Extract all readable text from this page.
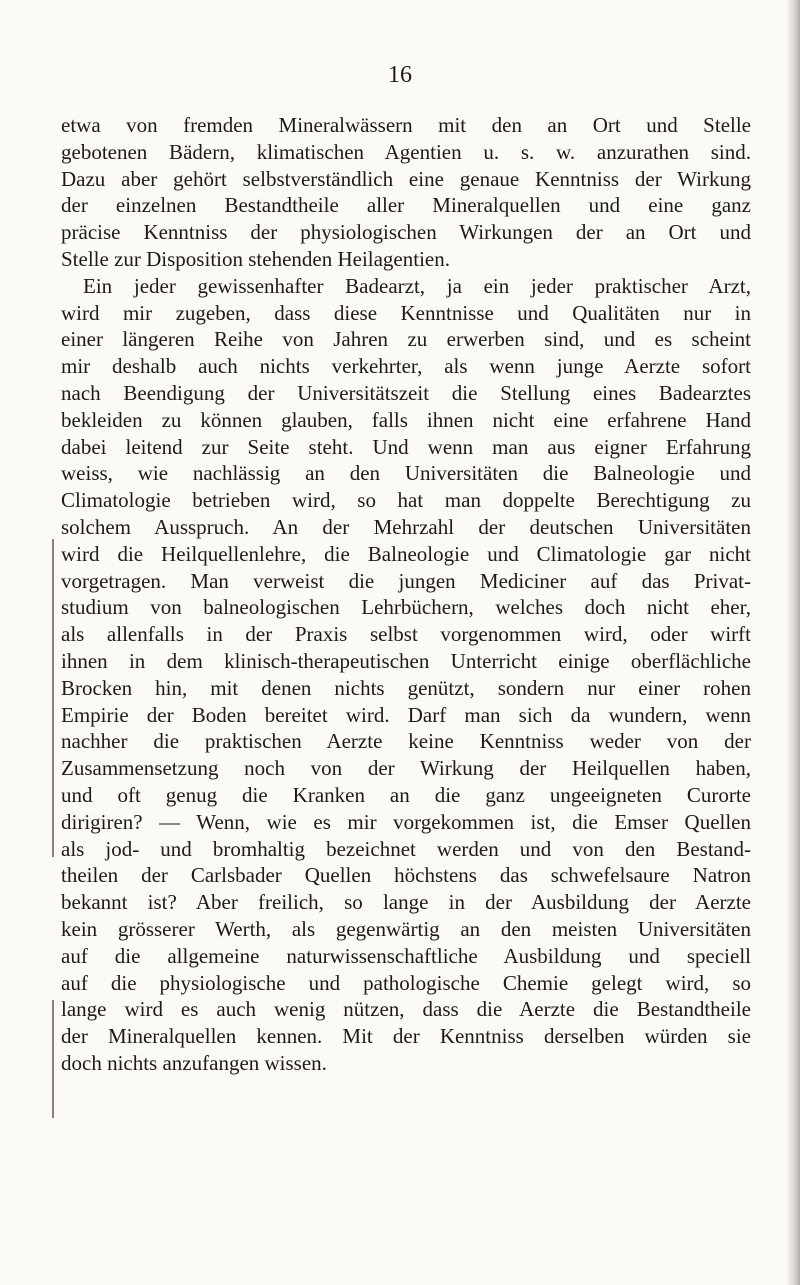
16
etwa von fremden Mineralwässern mit den an Ort und Stelle
gebotenen Bädern, klimatischen Agentien u. s. w. anzurathen sind.
Dazu aber gehört selbstverständlich eine genaue Kenntniss der Wirkung
der einzelnen Bestandtheile aller Mineralquellen und eine ganz
präcise Kenntniss der physiologischen Wirkungen der an Ort und
Stelle zur Disposition stehenden Heilagentien.
Ein jeder gewissenhafter Badearzt, ja ein jeder praktischer Arzt,
wird mir zugeben, dass diese Kenntnisse und Qualitäten nur in
einer längeren Reihe von Jahren zu erwerben sind, und es scheint
mir deshalb auch nichts verkehrter, als wenn junge Aerzte sofort
nach Beendigung der Universitätszeit die Stellung eines Badearztes
bekleiden zu können glauben, falls ihnen nicht eine erfahrene Hand
dabei leitend zur Seite steht. Und wenn man aus eigner Erfahrung
weiss, wie nachlässig an den Universitäten die Balneologie und
Climatologie betrieben wird, so hat man doppelte Berechtigung zu
solchem Ausspruch. An der Mehrzahl der deutschen Universitäten
wird die Heilquellenlehre, die Balneologie und Climatologie gar nicht
vorgetragen. Man verweist die jungen Mediciner auf das Privat-
studium von balneologischen Lehrbüchern, welches doch nicht eher,
als allenfalls in der Praxis selbst vorgenommen wird, oder wirft
ihnen in dem klinisch-therapeutischen Unterricht einige oberflächliche
Brocken hin, mit denen nichts genützt, sondern nur einer rohen
Empirie der Boden bereitet wird. Darf man sich da wundern, wenn
nachher die praktischen Aerzte keine Kenntniss weder von der
Zusammensetzung noch von der Wirkung der Heilquellen haben,
und oft genug die Kranken an die ganz ungeeigneten Curorte
dirigiren? — Wenn, wie es mir vorgekommen ist, die Emser Quellen
als jod- und bromhaltig bezeichnet werden und von den Bestand-
theilen der Carlsbader Quellen höchstens das schwefelsaure Natron
bekannt ist? Aber freilich, so lange in der Ausbildung der Aerzte
kein grösserer Werth, als gegenwärtig an den meisten Universitäten
auf die allgemeine naturwissenschaftliche Ausbildung und speciell
auf die physiologische und pathologische Chemie gelegt wird, so
lange wird es auch wenig nützen, dass die Aerzte die Bestandtheile
der Mineralquellen kennen. Mit der Kenntniss derselben würden sie
doch nichts anzufangen wissen.
